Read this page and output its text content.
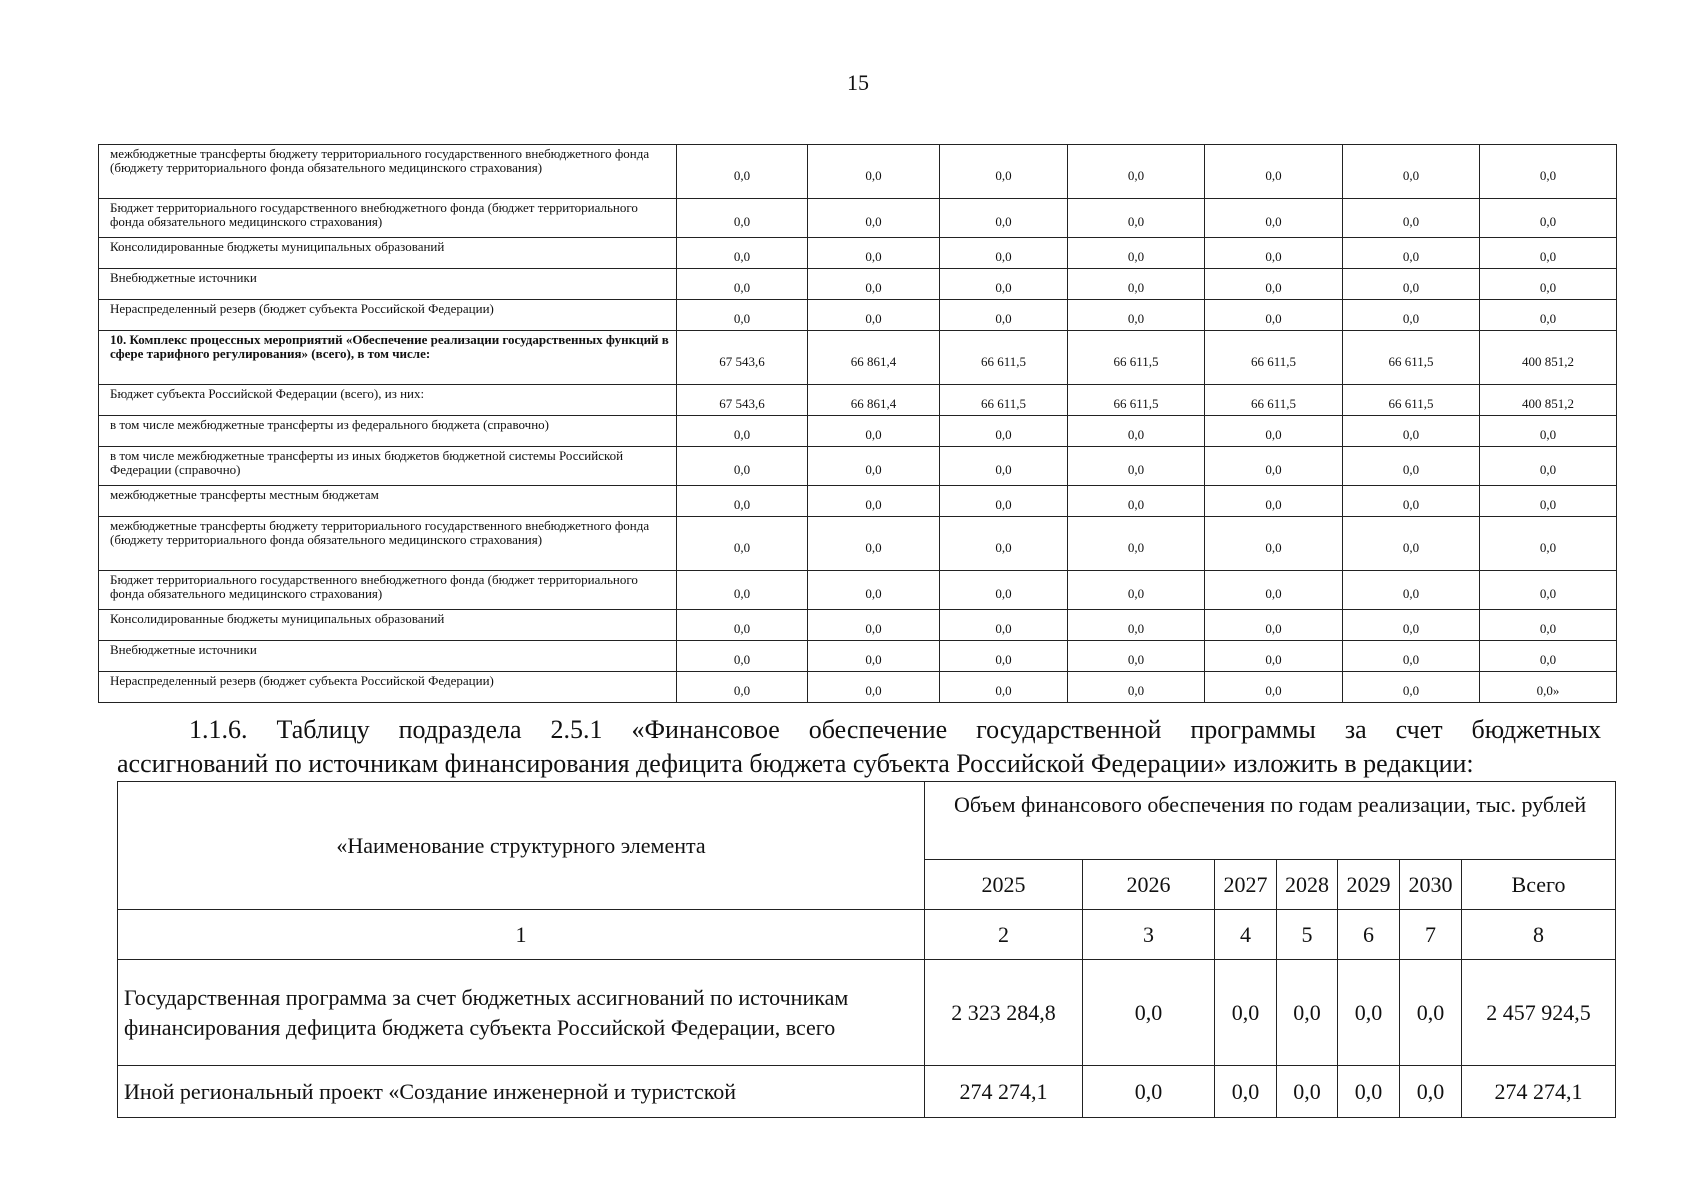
15
межбюджетные трансферты бюджету территориального государственного внебюджетного фонда (бюджету территориального фонда обязательного медицинского страхования)	0,0	0,0	0,0	0,0	0,0	0,0	0,0
Бюджет территориального государственного внебюджетного фонда (бюджет территориального фонда обязательного медицинского страхования)	0,0	0,0	0,0	0,0	0,0	0,0	0,0
Консолидированные бюджеты муниципальных образований	0,0	0,0	0,0	0,0	0,0	0,0	0,0
Внебюджетные источники	0,0	0,0	0,0	0,0	0,0	0,0	0,0
Нераспределенный резерв (бюджет субъекта Российской Федерации)	0,0	0,0	0,0	0,0	0,0	0,0	0,0
10. Комплекс процессных мероприятий «Обеспечение реализации государственных функций в сфере тарифного регулирования» (всего), в том числе:	67 543,6	66 861,4	66 611,5	66 611,5	66 611,5	66 611,5	400 851,2
Бюджет субъекта Российской Федерации (всего), из них:	67 543,6	66 861,4	66 611,5	66 611,5	66 611,5	66 611,5	400 851,2
в том числе межбюджетные трансферты из федерального бюджета (справочно)	0,0	0,0	0,0	0,0	0,0	0,0	0,0
в том числе межбюджетные трансферты из иных бюджетов бюджетной системы Российской Федерации (справочно)	0,0	0,0	0,0	0,0	0,0	0,0	0,0
межбюджетные трансферты местным бюджетам	0,0	0,0	0,0	0,0	0,0	0,0	0,0
межбюджетные трансферты бюджету территориального государственного внебюджетного фонда (бюджету территориального фонда обязательного медицинского страхования)	0,0	0,0	0,0	0,0	0,0	0,0	0,0
Бюджет территориального государственного внебюджетного фонда (бюджет территориального фонда обязательного медицинского страхования)	0,0	0,0	0,0	0,0	0,0	0,0	0,0
Консолидированные бюджеты муниципальных образований	0,0	0,0	0,0	0,0	0,0	0,0	0,0
Внебюджетные источники	0,0	0,0	0,0	0,0	0,0	0,0	0,0
Нераспределенный резерв (бюджет субъекта Российской Федерации)	0,0	0,0	0,0	0,0	0,0	0,0	0,0»
1.1.6. Таблицу подраздела 2.5.1 «Финансовое обеспечение государственной программы за счет бюджетных
ассигнований по источникам финансирования дефицита бюджета субъекта Российской Федерации» изложить в редакции:
«Наименование структурного элемента	Объем финансового обеспечения по годам реализации, тыс. рублей						
	2025	2026	2027	2028	2029	2030	Всего
1	2	3	4	5	6	7	8
Государственная программа за счет бюджетных ассигнований по источникам финансирования дефицита бюджета субъекта Российской Федерации, всего	2 323 284,8	0,0	0,0	0,0	0,0	0,0	2 457 924,5
Иной региональный проект «Создание инженерной и туристской	274 274,1	0,0	0,0	0,0	0,0	0,0	274 274,1
